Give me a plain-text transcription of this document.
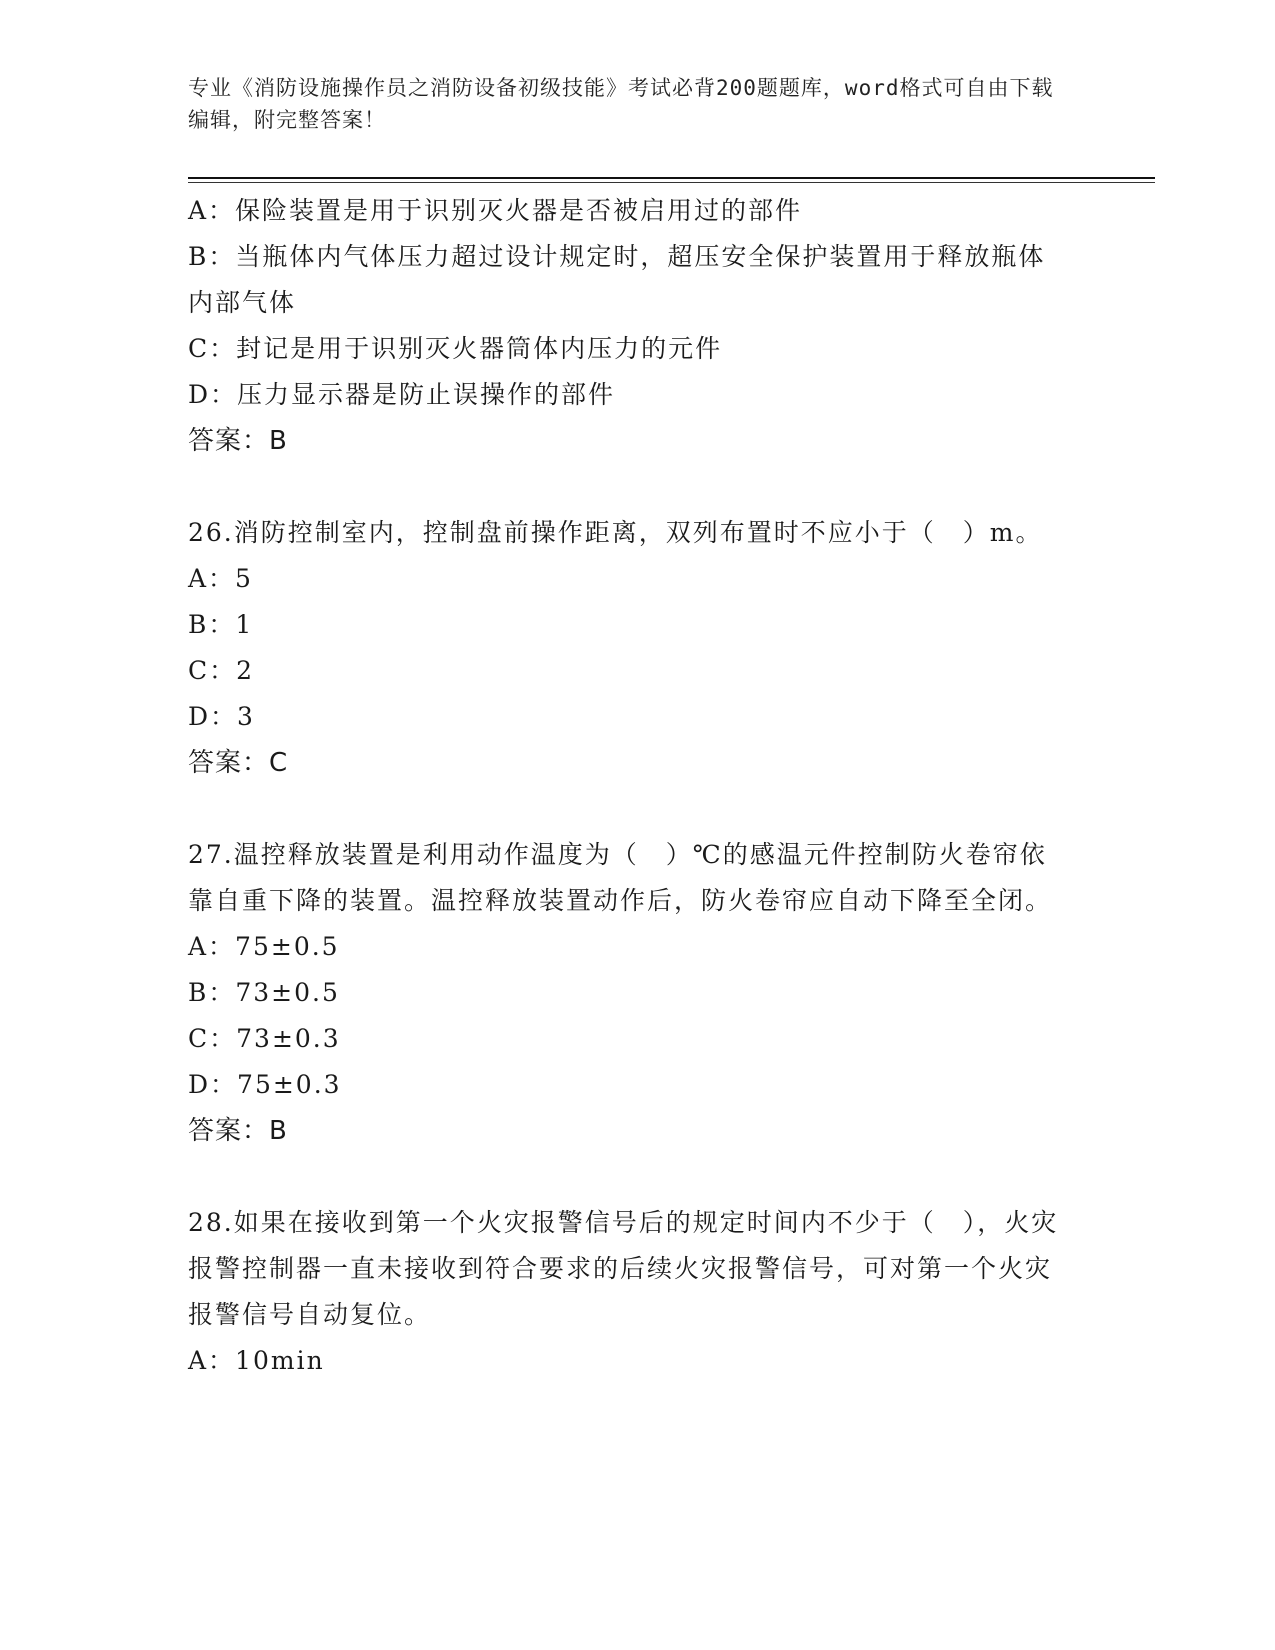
专业《消防设施操作员之消防设备初级技能》考试必背200题题库，word格式可自由下载编辑，附完整答案！

A：保险装置是用于识别灭火器是否被启用过的部件

B：当瓶体内气体压力超过设计规定时，超压安全保护装置用于释放瓶体内部气体

C：封记是用于识别灭火器筒体内压力的元件

D：压力显示器是防止误操作的部件

答案：B

26.消防控制室内，控制盘前操作距离，双列布置时不应小于（　）m。

A：5

B：1

C：2

D：3

答案：C

27.温控释放装置是利用动作温度为（　）℃的感温元件控制防火卷帘依靠自重下降的装置。温控释放装置动作后，防火卷帘应自动下降至全闭。

A：75±0.5

B：73±0.5

C：73±0.3

D：75±0.3

答案：B

28.如果在接收到第一个火灾报警信号后的规定时间内不少于（　），火灾报警控制器一直未接收到符合要求的后续火灾报警信号，可对第一个火灾报警信号自动复位。

A：10min
